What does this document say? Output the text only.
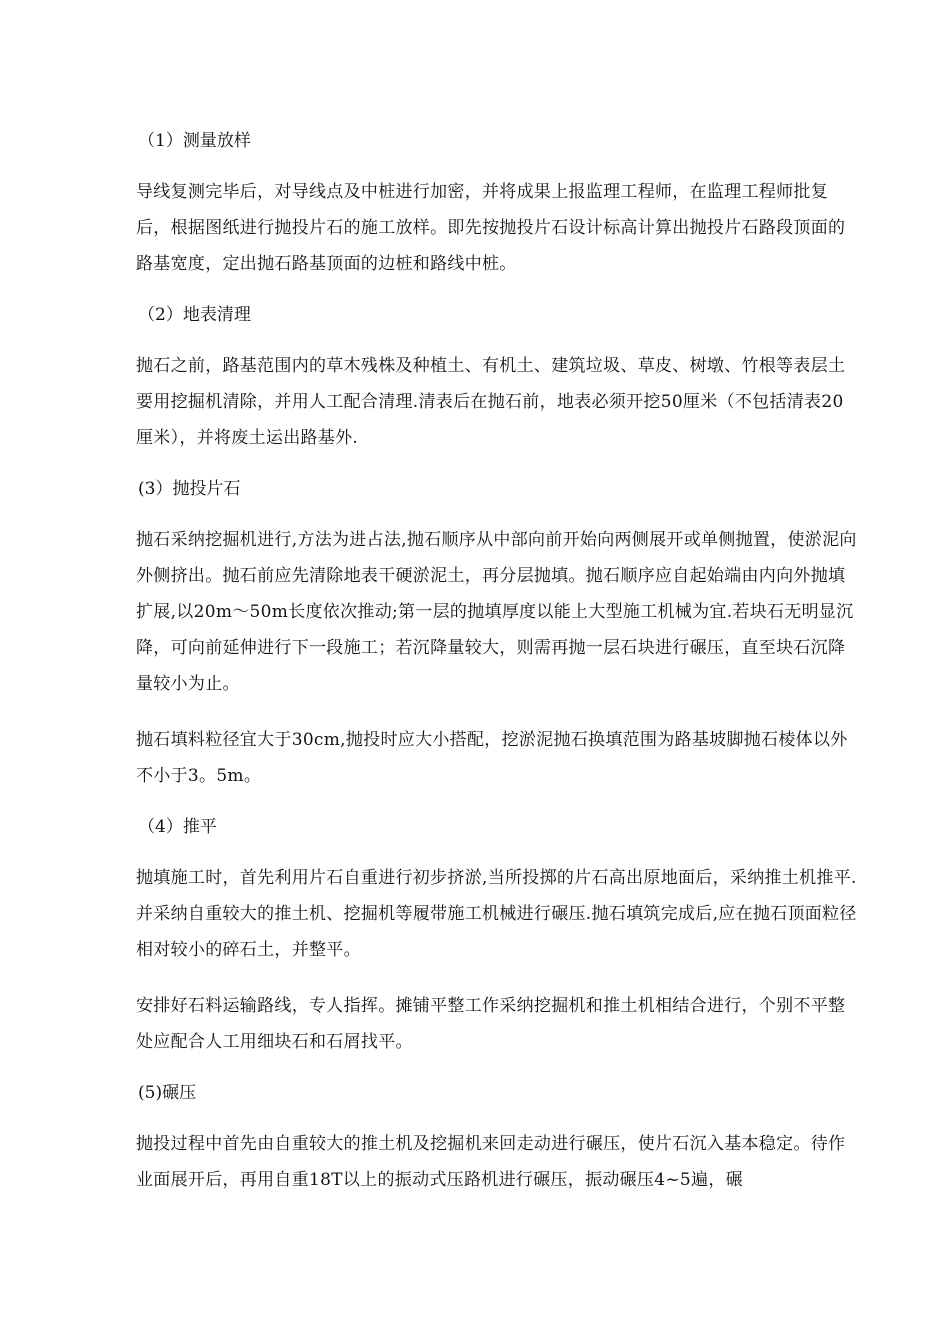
（1）测量放样

导线复测完毕后，对导线点及中桩进行加密，并将成果上报监理工程师，在监理工程师批复后，根据图纸进行抛投片石的施工放样。即先按抛投片石设计标高计算出抛投片石路段顶面的路基宽度，定出抛石路基顶面的边桩和路线中桩。

（2）地表清理

抛石之前，路基范围内的草木残株及种植土、有机土、建筑垃圾、草皮、树墩、竹根等表层土要用挖掘机清除，并用人工配合清理.清表后在抛石前，地表必须开挖50厘米（不包括清表20厘米），并将废土运出路基外.

(3）抛投片石

抛石采纳挖掘机进行,方法为进占法,抛石顺序从中部向前开始向两侧展开或单侧抛置，使淤泥向外侧挤出。抛石前应先清除地表干硬淤泥土，再分层抛填。抛石顺序应自起始端由内向外抛填扩展,以20m～50m长度依次推动;第一层的抛填厚度以能上大型施工机械为宜.若块石无明显沉降，可向前延伸进行下一段施工；若沉降量较大，则需再抛一层石块进行碾压，直至块石沉降量较小为止。

抛石填料粒径宜大于30cm,抛投时应大小搭配，挖淤泥抛石换填范围为路基坡脚抛石棱体以外不小于3。5m。

（4）推平

抛填施工时，首先利用片石自重进行初步挤淤,当所投掷的片石高出原地面后，采纳推土机推平.并采纳自重较大的推土机、挖掘机等履带施工机械进行碾压.抛石填筑完成后,应在抛石顶面粒径相对较小的碎石土，并整平。

安排好石料运输路线，专人指挥。摊铺平整工作采纳挖掘机和推土机相结合进行，个别不平整处应配合人工用细块石和石屑找平。

(5)碾压

抛投过程中首先由自重较大的推土机及挖掘机来回走动进行碾压，使片石沉入基本稳定。待作业面展开后，再用自重18T以上的振动式压路机进行碾压，振动碾压4~5遍，碾
